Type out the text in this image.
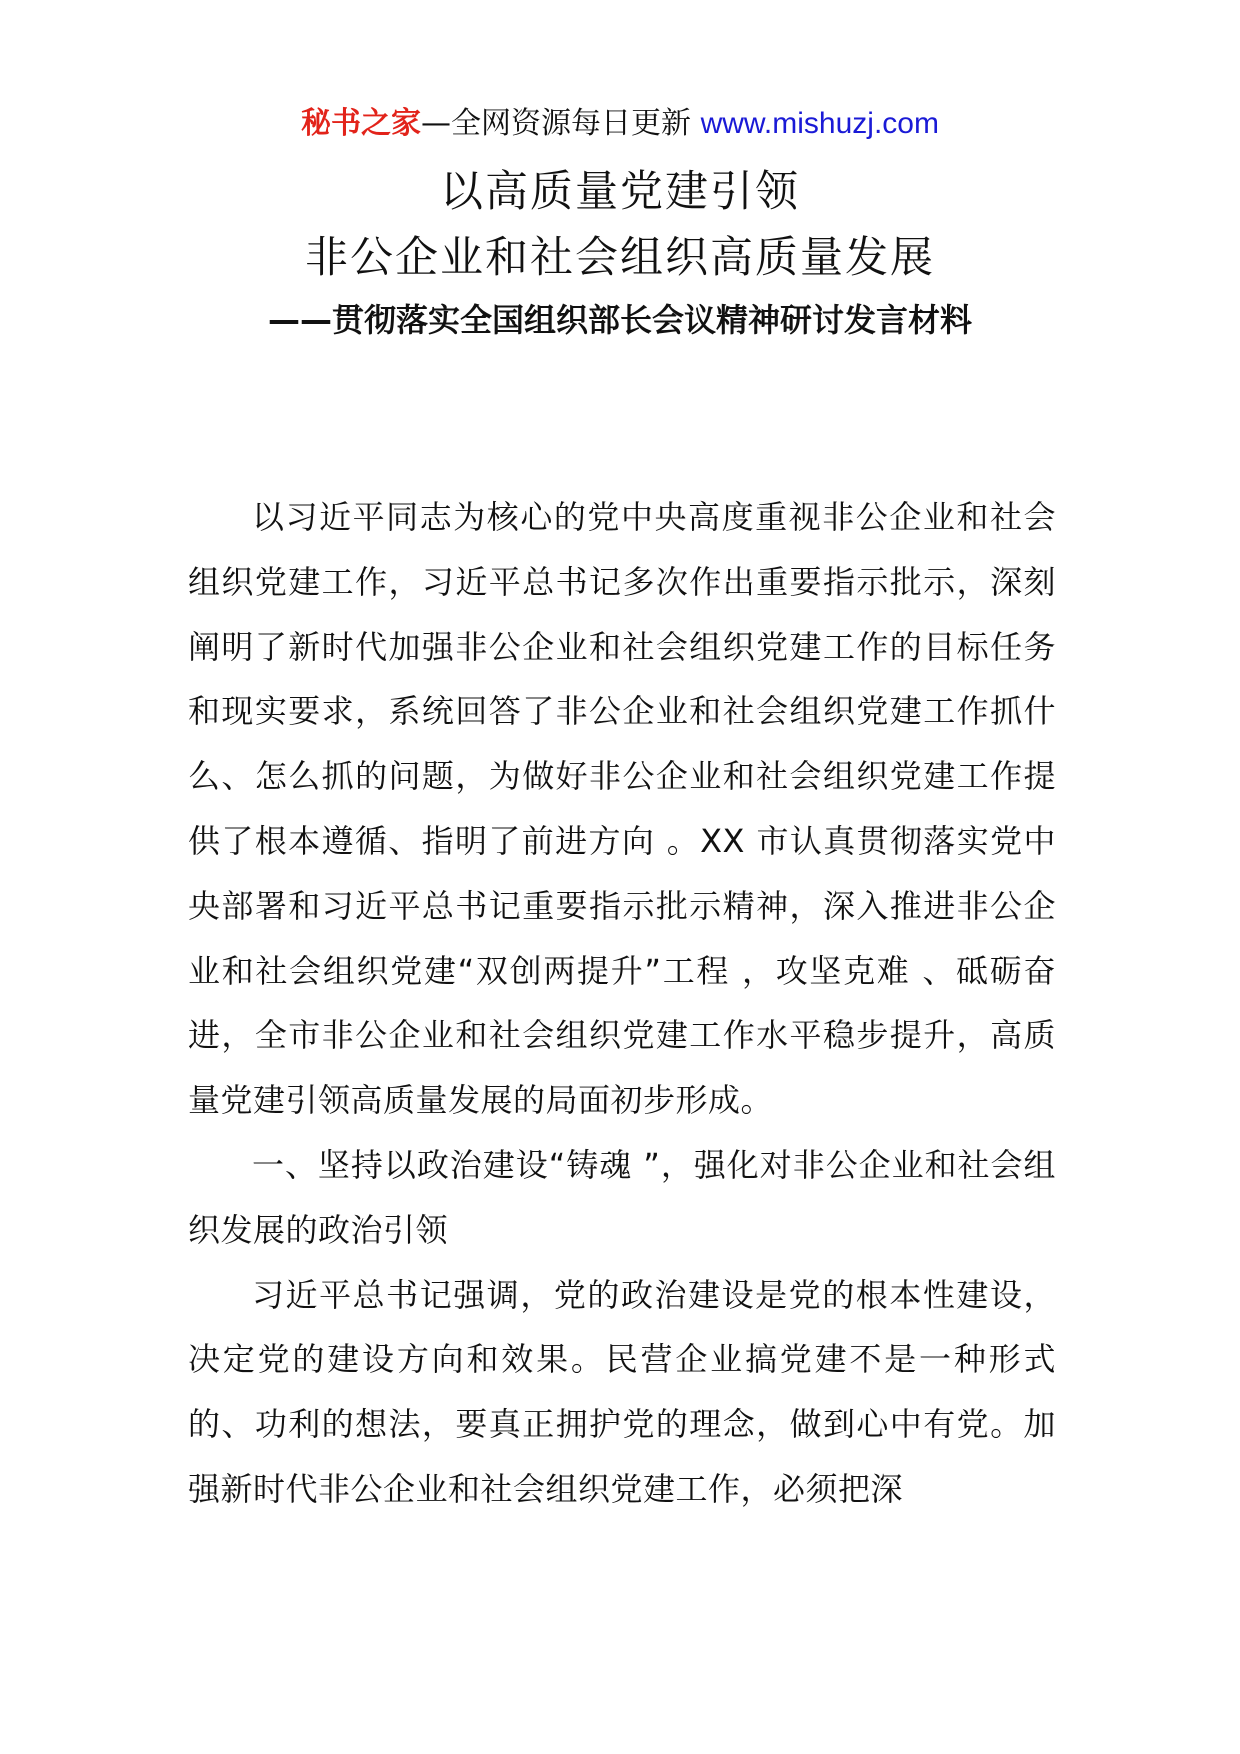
秘书之家—全网资源每日更新 www.mishuzj.com
以高质量党建引领
非公企业和社会组织高质量发展
——贯彻落实全国组织部长会议精神研讨发言材料

以习近平同志为核心的党中央高度重视非公企业和社会组织党建工作，习近平总书记多次作出重要指示批示，深刻阐明了新时代加强非公企业和社会组织党建工作的目标任务和现实要求，系统回答了非公企业和社会组织党建工作抓什么、怎么抓的问题，为做好非公企业和社会组织党建工作提供了根本遵循、指明了前进方向 。XX 市认真贯彻落实党中央部署和习近平总书记重要指示批示精神，深入推进非公企业和社会组织党建“双创两提升”工程 ，攻坚克难 、砥砺奋进，全市非公企业和社会组织党建工作水平稳步提升，高质量党建引领高质量发展的局面初步形成。

一、坚持以政治建设“铸魂 ”，强化对非公企业和社会组织发展的政治引领

习近平总书记强调，党的政治建设是党的根本性建设，决定党的建设方向和效果。民营企业搞党建不是一种形式的、功利的想法，要真正拥护党的理念，做到心中有党。加强新时代非公企业和社会组织党建工作，必须把深
